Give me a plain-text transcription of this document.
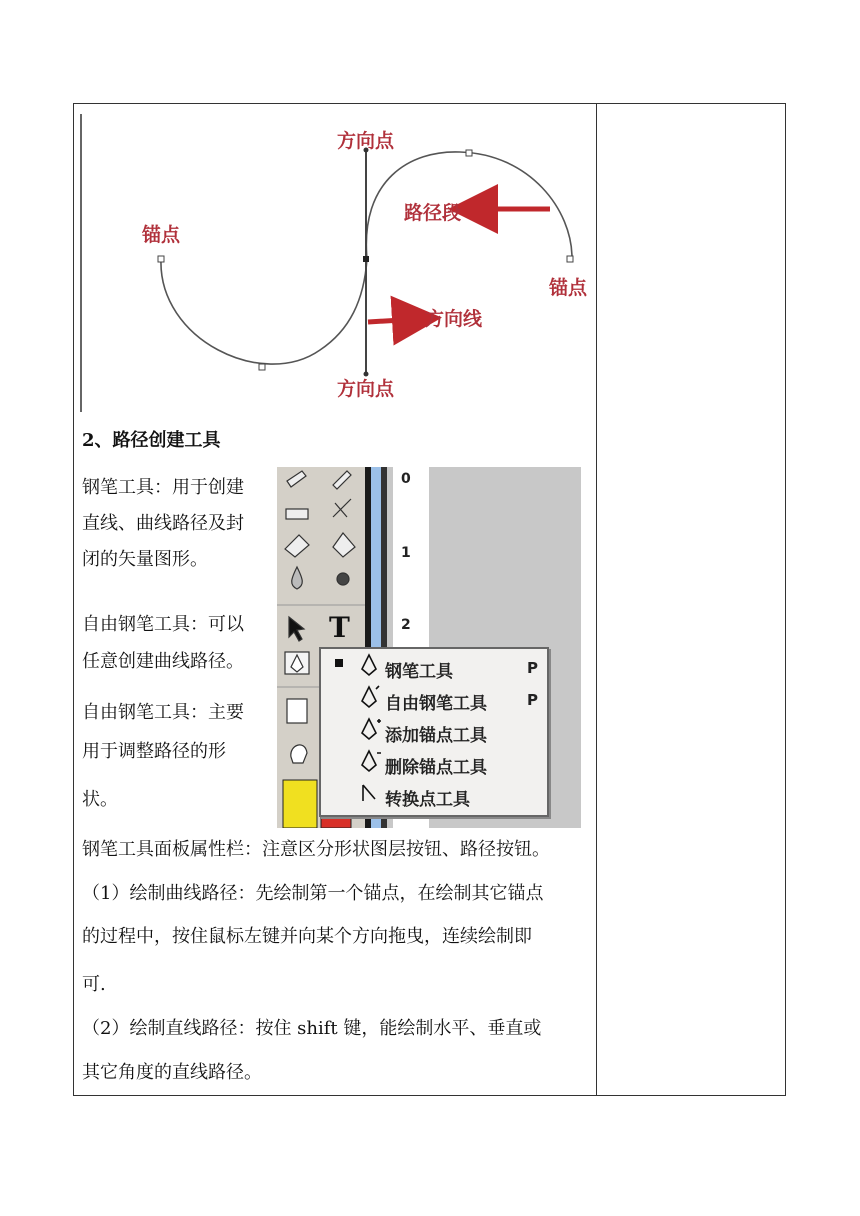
方向点
锚点
路径段
锚点
方向线
方向点
2、路径创建工具
钢笔工具：用于创建
直线、曲线路径及封
闭的矢量图形。
自由钢笔工具：可以
任意创建曲线路径。
自由钢笔工具：主要
用于调整路径的形
状。
T
0
1
2
钢笔工具	P
自由钢笔工具	P
添加锚点工具
删除锚点工具
转换点工具
钢笔工具面板属性栏：注意区分形状图层按钮、路径按钮。
（1）绘制曲线路径：先绘制第一个锚点，在绘制其它锚点
的过程中，按住鼠标左键并向某个方向拖曳，连续绘制即
可.
（2）绘制直线路径：按住 shift 键，能绘制水平、垂直或
其它角度的直线路径。
